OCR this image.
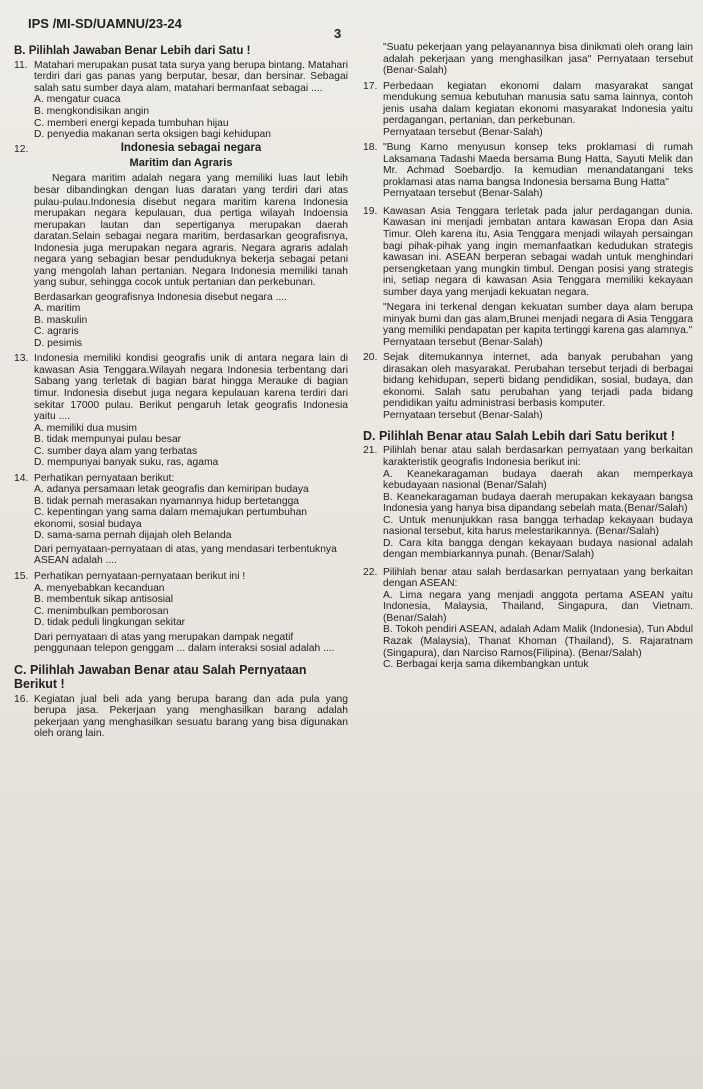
IPS /MI-SD/UAMNU/23-24
3
B. Pilihlah Jawaban Benar Lebih dari Satu !
11. Matahari merupakan pusat tata surya yang berupa bintang. Matahari terdiri dari gas panas yang berputar, besar, dan bersinar. Sebagai salah satu sumber daya alam, matahari bermanfaat sebagai ....
A. mengatur cuaca
B. mengkondisikan angin
C. memberi energi kepada tumbuhan hijau
D. penyedia makanan serta oksigen bagi kehidupan
12.	Indonesia sebagai negara
Maritim dan Agraris

Negara maritim adalah negara yang memiliki luas laut lebih besar dibandingkan dengan luas daratan yang terdiri dari atas pulau-pulau.Indonesia disebut negara maritim karena Indonesia merupakan negara kepulauan, dua pertiga wilayah Indoensia merupakan lautan dan sepertiganya merupakan daerah daratan.Selain sebagai negara maritim, berdasarkan geografisnya, Indonesia juga merupakan negara agraris. Negara agraris adalah negara yang sebagian besar penduduknya bekerja sebagai petani yang mengolah lahan pertanian. Negara Indonesia memiliki tanah yang subur, sehingga cocok untuk pertanian dan perkebunan.

Berdasarkan geografisnya Indonesia disebut negara ....

A. maritim
B. maskulin
C. agraris
D. pesimis
13. Indonesia memiliki kondisi geografis unik di antara negara lain di kawasan Asia Tenggara.Wilayah negara Indonesia terbentang dari Sabang yang terletak di bagian barat hingga Merauke di bagian timur. Indonesia disebut juga negara kepulauan karena terdiri dari sekitar 17000 pulau. Berikut pengaruh letak geografis Indonesia yaitu ....
A. memiliki dua musim
B. tidak mempunyai pulau besar
C. sumber daya alam yang terbatas
D. mempunyai banyak suku, ras, agama
14. Perhatikan pernyataan berikut:
A. adanya persamaan letak geografis dan kemiripan budaya
B. tidak pernah merasakan nyamannya hidup bertetangga
C. kepentingan yang sama dalam memajukan pertumbuhan ekonomi, sosial budaya
D. sama-sama pernah dijajah oleh Belanda

Dari pernyataan-pernyataan di atas, yang mendasari terbentuknya ASEAN adalah ....

15. Perhatikan pernyataan-pernyataan berikut ini !
A. menyebabkan kecanduan
B. membentuk sikap antisosial
C. menimbulkan pemborosan
D. tidak peduli lingkungan sekitar

Dari pernyataan di atas yang merupakan dampak negatif penggunaan telepon genggam ... dalam interaksi sosial adalah ....

C. Pilihlah Jawaban Benar atau Salah Pernyataan Berikut !
16. Kegiatan jual beli ada yang berupa barang dan ada pula yang berupa jasa. Pekerjaan yang menghasilkan barang adalah pekerjaan yang menghasilkan sesuatu barang yang bisa digunakan oleh orang lain.

"Suatu pekerjaan yang pelayanannya bisa dinikmati oleh orang lain adalah pekerjaan yang menghasilkan jasa" Pernyataan tersebut (Benar-Salah)

17. Perbedaan kegiatan ekonomi dalam masyarakat sangat mendukung semua kebutuhan manusia satu sama lainnya, contoh jenis usaha dalam kegiatan ekonomi masyarakat Indonesia yaitu perdagangan, pertanian, dan perkebunan.

Pernyataan tersebut (Benar-Salah)

18. "Bung Karno menyusun konsep teks proklamasi di rumah Laksamana Tadashi Maeda bersama Bung Hatta, Sayuti Melik dan Mr. Achmad Soebardjo. Ia kemudian menandatangani teks proklamasi atas nama bangsa Indonesia bersama Bung Hatta"

Pernyataan tersebut (Benar-Salah)

19. Kawasan Asia Tenggara terletak pada jalur perdagangan dunia. Kawasan ini menjadi jembatan antara kawasan Eropa dan Asia Timur. Oleh karena itu, Asia Tenggara menjadi wilayah persaingan bagi pihak-pihak yang ingin memanfaatkan kedudukan strategis kawasan ini. ASEAN berperan sebagai wadah untuk menghindari persengketaan yang mungkin timbul. Dengan posisi yang strategis ini, setiap negara di kawasan Asia Tenggara memiliki kekayaan sumber daya yang menjadi kekuatan negara.

"Negara ini terkenal dengan kekuatan sumber daya alam berupa minyak bumi dan gas alam,Brunei menjadi negara di Asia Tenggara yang memiliki pendapatan per kapita tertinggi karena gas alamnya."

Pernyataan tersebut (Benar-Salah)

20. Sejak ditemukannya internet, ada banyak perubahan yang dirasakan oleh masyarakat. Perubahan tersebut terjadi di berbagai bidang kehidupan, seperti bidang pendidikan, sosial, budaya, dan ekonomi. Salah satu perubahan yang terjadi pada bidang pendidikan yaitu administrasi berbasis komputer.

Pernyataan tersebut (Benar-Salah)

D. Pilihlah Benar atau Salah Lebih dari Satu berikut !
21. Pilihlah benar atau salah berdasarkan pernyataan yang berkaitan karakteristik geografis Indonesia berikut ini:
A. Keanekaragaman budaya daerah akan memperkaya kebudayaan nasional (Benar/Salah)
B. Keanekaragaman budaya daerah merupakan kekayaan bangsa Indonesia yang hanya bisa dipandang sebelah mata.(Benar/Salah)
C. Untuk menunjukkan rasa bangga terhadap kekayaan budaya nasional tersebut, kita harus melestarikannya. (Benar/Salah)
D. Cara kita bangga dengan kekayaan budaya nasional adalah dengan membiarkannya punah. (Benar/Salah)
22. Pilihlah benar atau salah berdasarkan pernyataan yang berkaitan dengan ASEAN:
A. Lima negara yang menjadi anggota pertama ASEAN yaitu Indonesia, Malaysia, Thailand, Singapura, dan Vietnam. (Benar/Salah)
B. Tokoh pendiri ASEAN, adalah Adam Malik (Indonesia), Tun Abdul Razak (Malaysia), Thanat Khoman (Thailand), S. Rajaratnam (Singapura), dan Narciso Ramos(Filipina). (Benar/Salah)
C. Berbagai kerja sama dikembangkan untuk
